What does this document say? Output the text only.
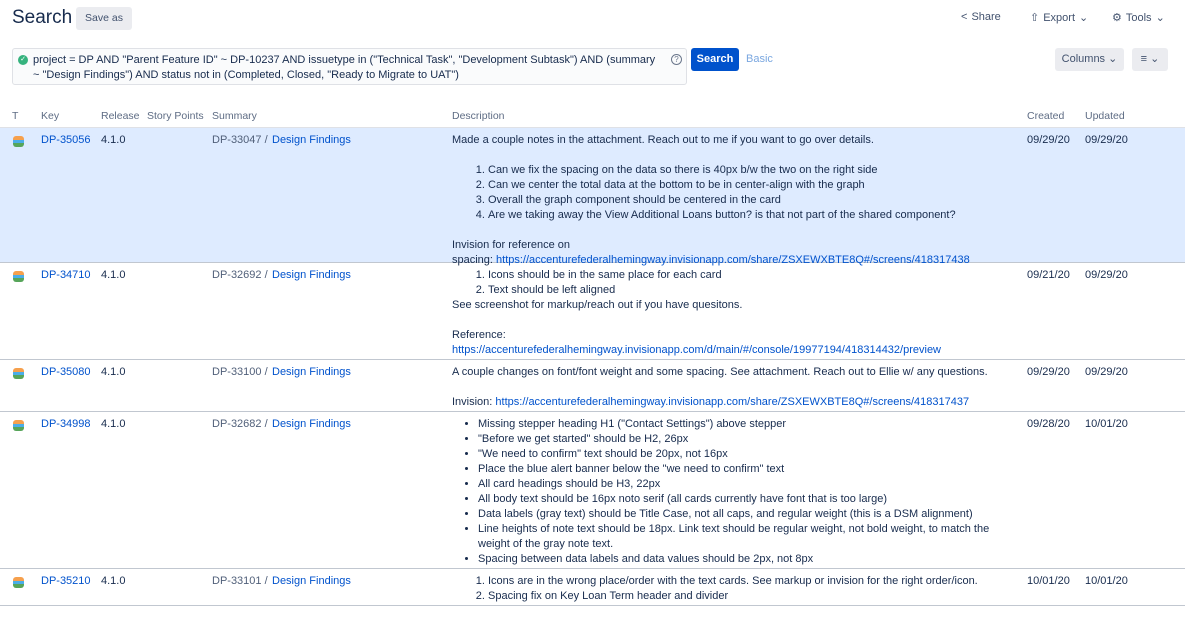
Search	Save as	< Share	⇧ Export ⌄ ⚙ Tools ⌄
✓ project = DP AND "Parent Feature ID" ~ DP-10237 AND issuetype in ("Technical Task", "Development Subtask") AND (summary ~ "Design Findings") AND status not in (Completed, Closed, "Ready to Migrate to UAT")
?	Search	Basic	Columns ⌄	≡ ⌄
T Key	Release Story Points Summary	Description	Created Updated
DP-35056 4.1.0	DP-33047 / Design Findings	Made a couple notes in the attachment. Reach out to me if you want to go over details.

1. Can we fix the spacing on the data so there is 40px b/w the two on the right side
2. Can we center the total data at the bottom to be in center-align with the graph
3. Overall the graph component should be centered in the card
4. Are we taking away the View Additional Loans button? is that not part of the shared component?

Invision for reference on

spacing: https://accenturefederalhemingway.invisionapp.com/share/ZSXEWXBTE8Q#/screens/418317438

09/29/20 09/29/20
DP-34710 4.1.0	DP-32692 / Design Findings	1. Icons should be in the same place for each card
2. Text should be left aligned

See screenshot for markup/reach out if you have quesitons.

Reference:

https://accenturefederalhemingway.invisionapp.com/d/main/#/console/19977194/418314432/preview

09/21/20 09/29/20
DP-35080 4.1.0	DP-33100 / Design Findings	A couple changes on font/font weight and some spacing. See attachment. Reach out to Ellie w/ any questions.

Invision: https://accenturefederalhemingway.invisionapp.com/share/ZSXEWXBTE8Q#/screens/418317437

09/29/20 09/29/20
DP-34998 4.1.0	DP-32682 / Design Findings	• Missing stepper heading H1 ("Contact Settings") above stepper
• "Before we get started" should be H2, 26px
• "We need to confirm" text should be 20px, not 16px
• Place the blue alert banner below the "we need to confirm" text
• All card headings should be H3, 22px
• All body text should be 16px noto serif (all cards currently have font that is too large)
• Data labels (gray text) should be Title Case, not all caps, and regular weight (this is a DSM alignment)
• Line heights of note text should be 18px. Link text should be regular weight, not bold weight, to match the weight of the gray note text.
• Spacing between data labels and data values should be 2px, not 8px
09/28/20 10/01/20
DP-35210 4.1.0	DP-33101 / Design Findings	1. Icons are in the wrong place/order with the text cards. See markup or invision for the right order/icon.
2. Spacing fix on Key Loan Term header and divider
10/01/20 10/01/20
